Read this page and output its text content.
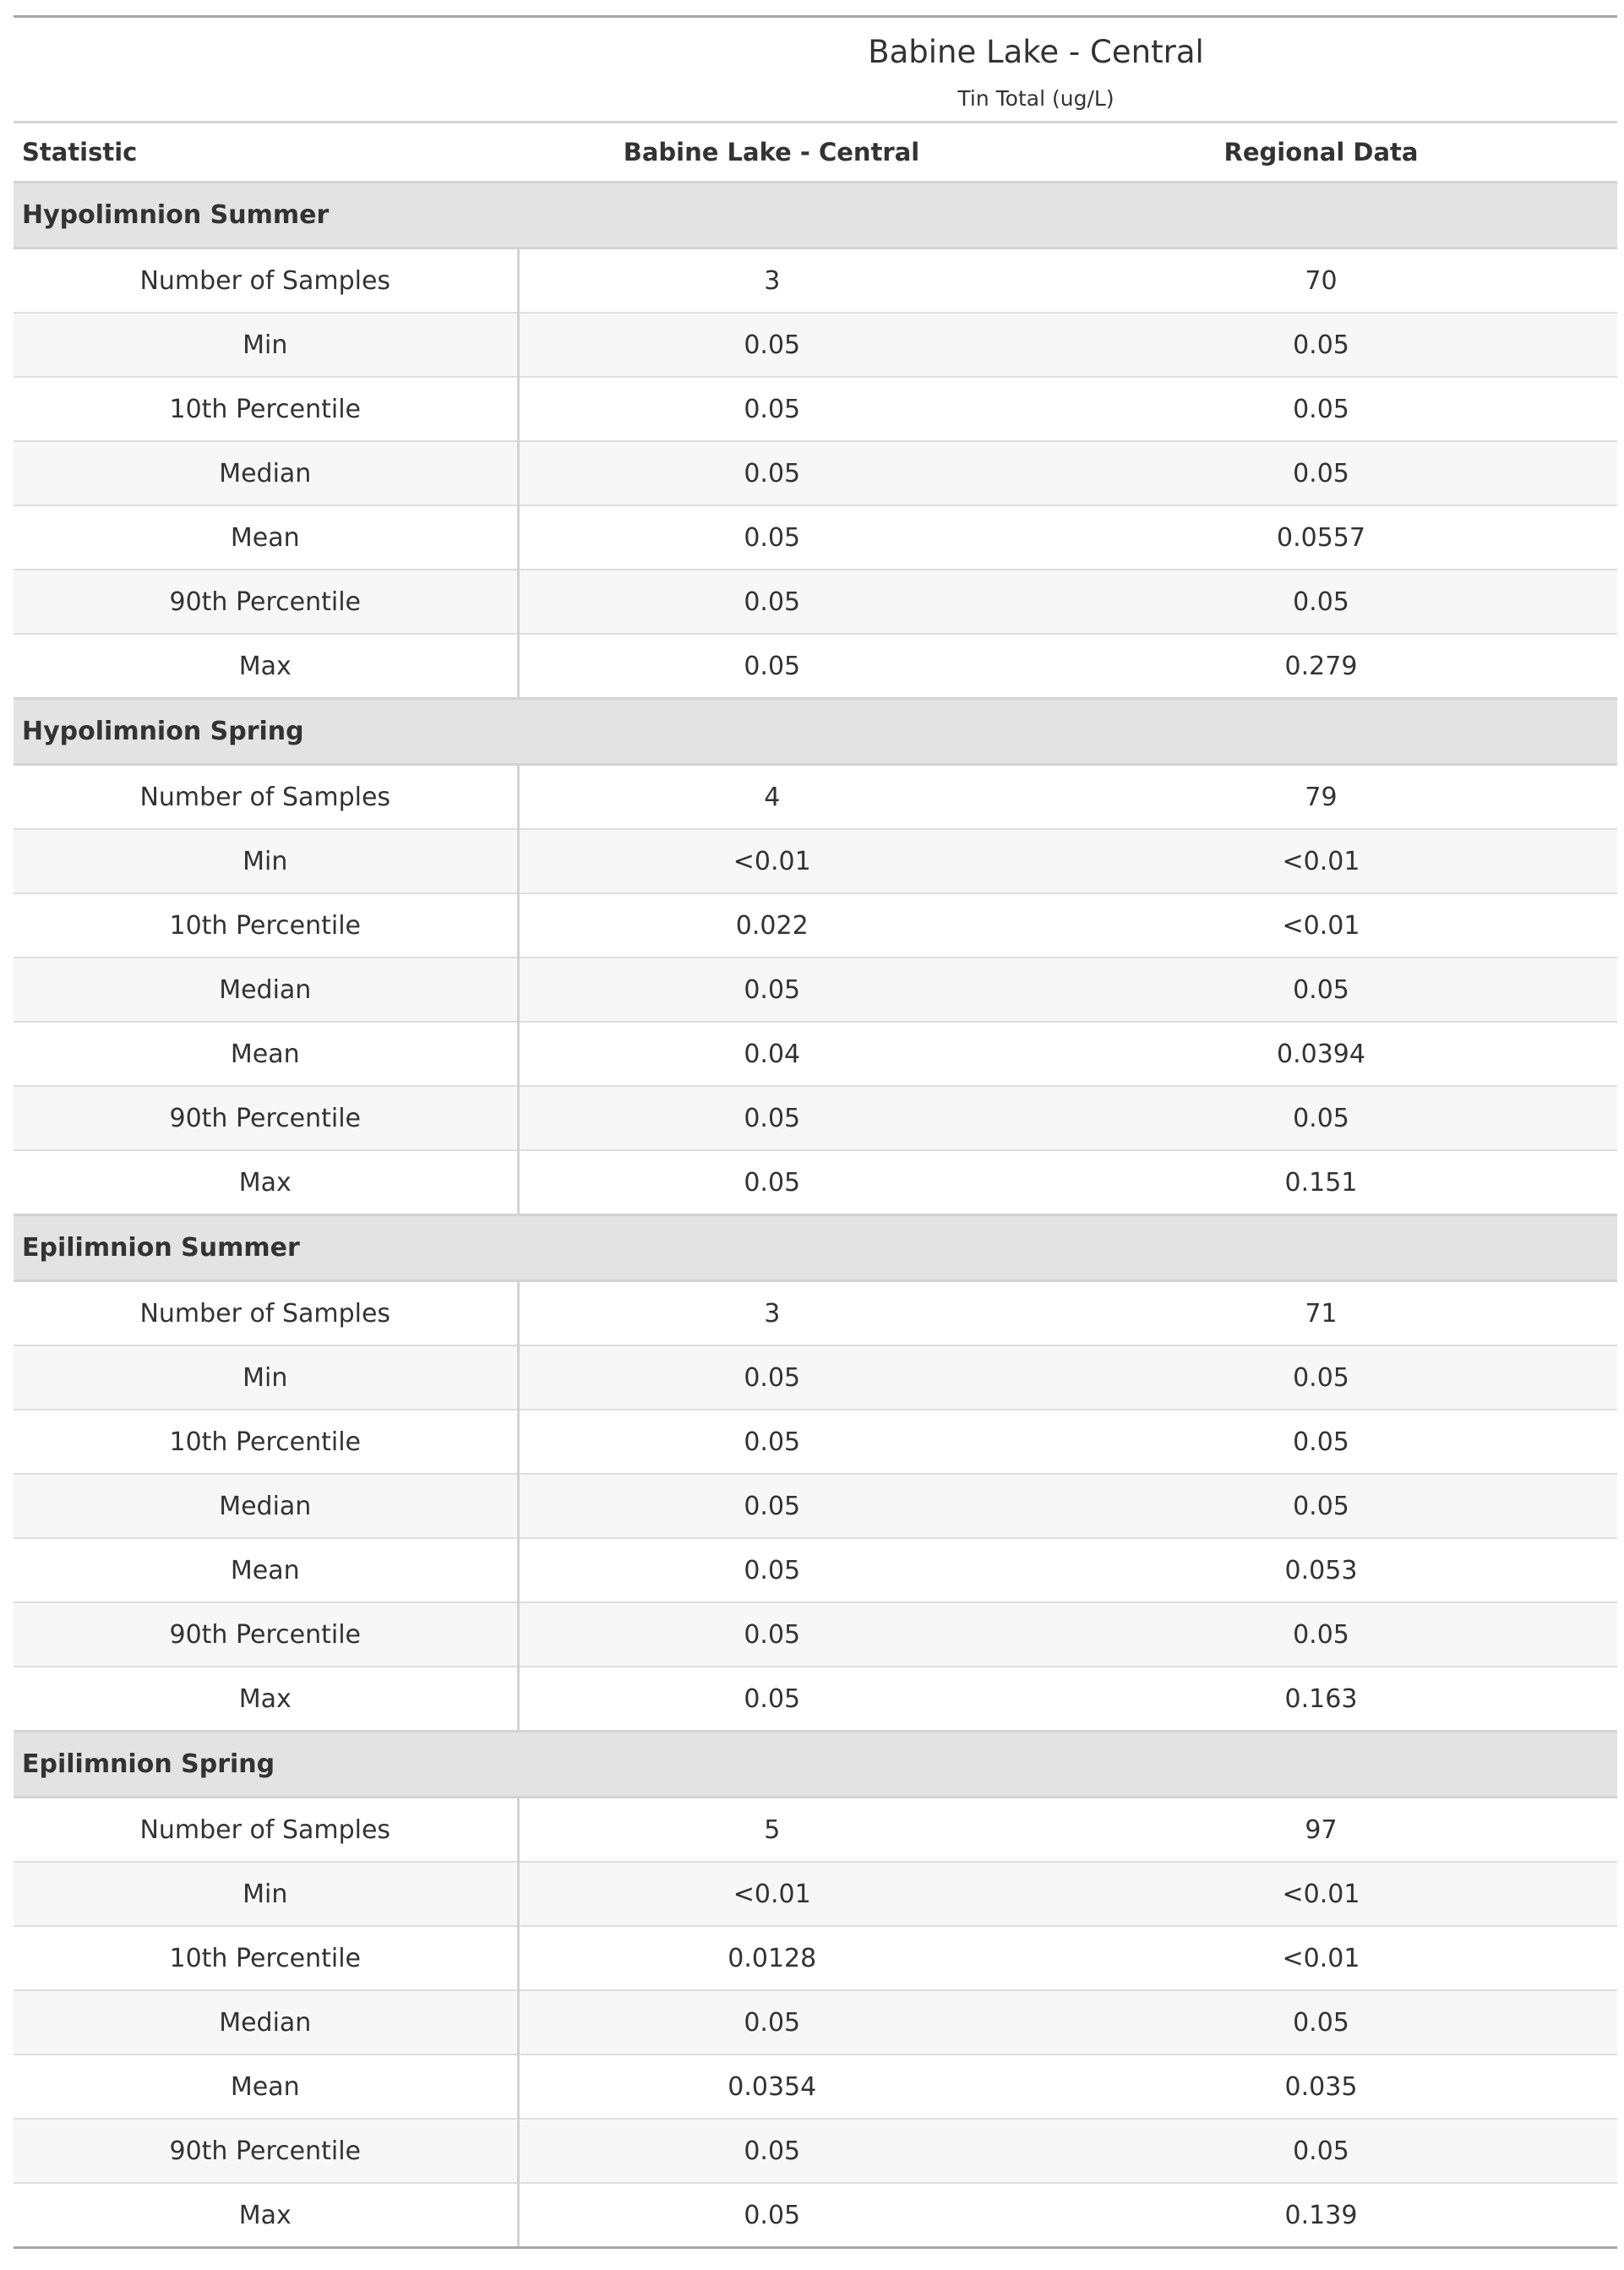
Babine Lake - Central
Tin Total (ug/L)
Statistic	Babine Lake - Central	Regional Data
Hypolimnion Summer		
Number of Samples	3	70
Min	0.05	0.05
10th Percentile	0.05	0.05
Median	0.05	0.05
Mean	0.05	0.0557
90th Percentile	0.05	0.05
Max	0.05	0.279
Hypolimnion Spring		
Number of Samples	4	79
Min	<0.01	<0.01
10th Percentile	0.022	<0.01
Median	0.05	0.05
Mean	0.04	0.0394
90th Percentile	0.05	0.05
Max	0.05	0.151
Epilimnion Summer		
Number of Samples	3	71
Min	0.05	0.05
10th Percentile	0.05	0.05
Median	0.05	0.05
Mean	0.05	0.053
90th Percentile	0.05	0.05
Max	0.05	0.163
Epilimnion Spring		
Number of Samples	5	97
Min	<0.01	<0.01
10th Percentile	0.0128	<0.01
Median	0.05	0.05
Mean	0.0354	0.035
90th Percentile	0.05	0.05
Max	0.05	0.139
